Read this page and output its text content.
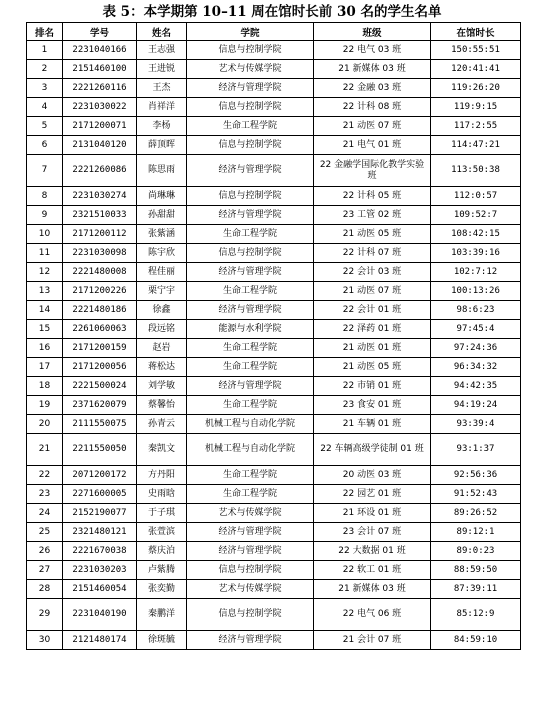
表 5：本学期第 10–11 周在馆时长前 30 名的学生名单
排名	学号	姓名	学院	班级	在馆时长
1	2231040166	王志强	信息与控制学院	22 电气 03 班	150:55:51
2	2151460100	王进锐	艺术与传媒学院	21 新媒体 03 班	120:41:41
3	2221260116	王杰	经济与管理学院	22 金融 03 班	119:26:20
4	2231030022	肖祥洋	信息与控制学院	22 计科 08 班	119:9:15
5	2171200071	李杨	生命工程学院	21 动医 07 班	117:2:55
6	2131040120	薛顶晖	信息与控制学院	21 电气 01 班	114:47:21
7	2221260086	陈思雨	经济与管理学院	22 金融学国际化教学实验班	113:50:38
8	2231030274	尚琳琳	信息与控制学院	22 计科 05 班	112:0:57
9	2321510033	孙甜甜	经济与管理学院	23 工管 02 班	109:52:7
10	2171200112	张紫涵	生命工程学院	21 动医 05 班	108:42:15
11	2231030098	陈宇欣	信息与控制学院	22 计科 07 班	103:39:16
12	2221480008	程佳丽	经济与管理学院	22 会计 03 班	102:7:12
13	2171200226	栗宁宇	生命工程学院	21 动医 07 班	100:13:26
14	2221480186	徐鑫	经济与管理学院	22 会计 01 班	98:6:23
15	2261060063	段远铭	能源与水利学院	22 泽药 01 班	97:45:4
16	2171200159	赵岩	生命工程学院	21 动医 01 班	97:24:36
17	2171200056	蒋松达	生命工程学院	21 动医 05 班	96:34:32
18	2221500024	刘学敏	经济与管理学院	22 市销 01 班	94:42:35
19	2371620079	蔡馨怡	生命工程学院	23 食安 01 班	94:19:24
20	2111550075	孙青云	机械工程与自动化学院	21 车辆 01 班	93:39:4
21	2211550050	秦凯文	机械工程与自动化学院	22 车辆高级学徒制 01 班	93:1:37
22	2071200172	方丹阳	生命工程学院	20 动医 03 班	92:56:36
23	2271600005	史雨晗	生命工程学院	22 园艺 01 班	91:52:43
24	2152190077	于子琪	艺术与传媒学院	21 环设 01 班	89:26:52
25	2321480121	张萱滨	经济与管理学院	23 会计 07 班	89:12:1
26	2221670038	蔡庆泊	经济与管理学院	22 大数据 01 班	89:0:23
27	2231030203	卢紫腾	信息与控制学院	22 软工 01 班	88:59:50
28	2151460054	张奕勤	艺术与传媒学院	21 新媒体 03 班	87:39:11
29	2231040190	秦鹏洋	信息与控制学院	22 电气 06 班	85:12:9
30	2121480174	徐斑毓	经济与管理学院	21 会计 07 班	84:59:10
